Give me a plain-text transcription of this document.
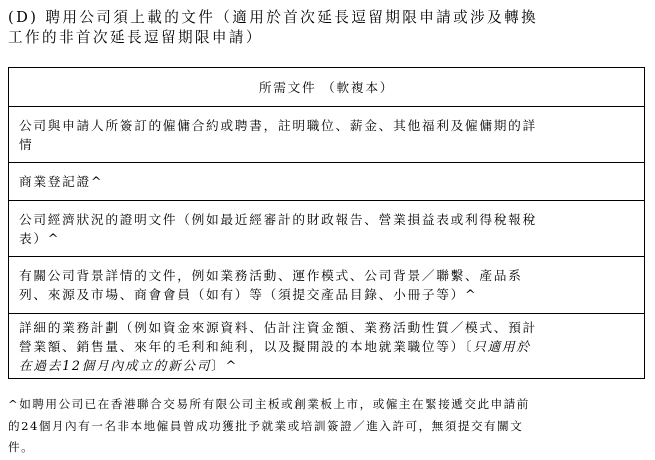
(D) 聘用公司須上載的文件（適用於首次延長逗留期限申請或涉及轉換
工作的非首次延長逗留期限申請）
所需文件 （軟複本）

公司與申請人所簽訂的僱傭合約或聘書，註明職位、薪金、其他福利及僱傭期的詳
情

商業登記證^

公司經濟狀況的證明文件（例如最近經審計的財政報告、營業損益表或利得稅報稅
表）^

有關公司背景詳情的文件，例如業務活動、運作模式、公司背景／聯繫、產品系
列、來源及市場、商會會員（如有）等（須提交產品目錄、小冊子等）^

詳細的業務計劃（例如資金來源資料、估計注資金額、業務活動性質／模式、預計
營業額、銷售量、來年的毛利和純利，以及擬開設的本地就業職位等）〔只適用於
在過去12個月內成立的新公司〕^
^如聘用公司已在香港聯合交易所有限公司主板或創業板上市，或僱主在緊接遞交此申請前
的24個月內有一名非本地僱員曾成功獲批予就業或培訓簽證／進入許可，無須提交有關文
件。
